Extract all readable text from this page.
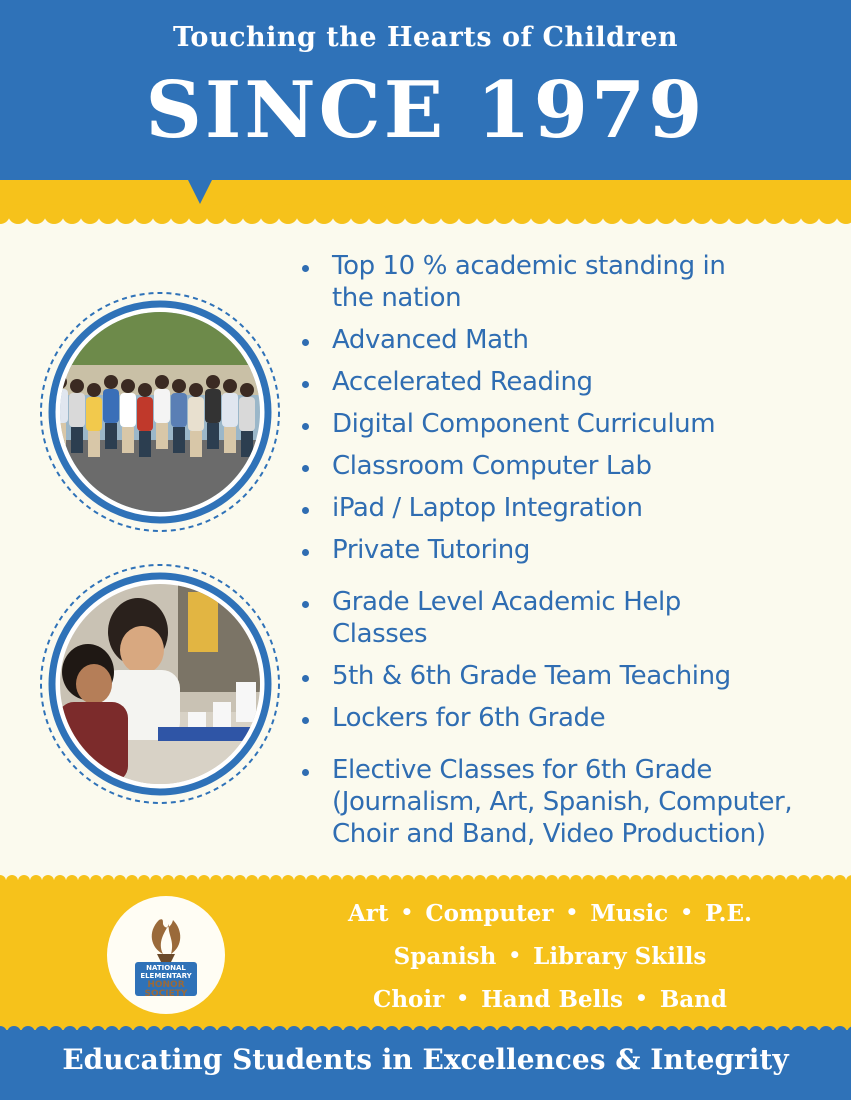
Touching the Hearts of Children
SINCE 1979
Top 10 % academic standing in the nation
Advanced Math
Accelerated Reading
Digital Component Curriculum
Classroom Computer Lab
iPad / Laptop Integration
Private Tutoring
Grade Level Academic Help Classes
5th & 6th Grade Team Teaching
Lockers for 6th Grade
Elective Classes for 6th Grade (Journalism, Art, Spanish, Computer, Choir and Band, Video Production)
NATIONAL
ELEMENTARY
HONOR
SOCIETY
Art • Computer • Music • P.E.
Spanish • Library Skills
Choir • Hand Bells • Band
Educating Students in Excellences & Integrity
